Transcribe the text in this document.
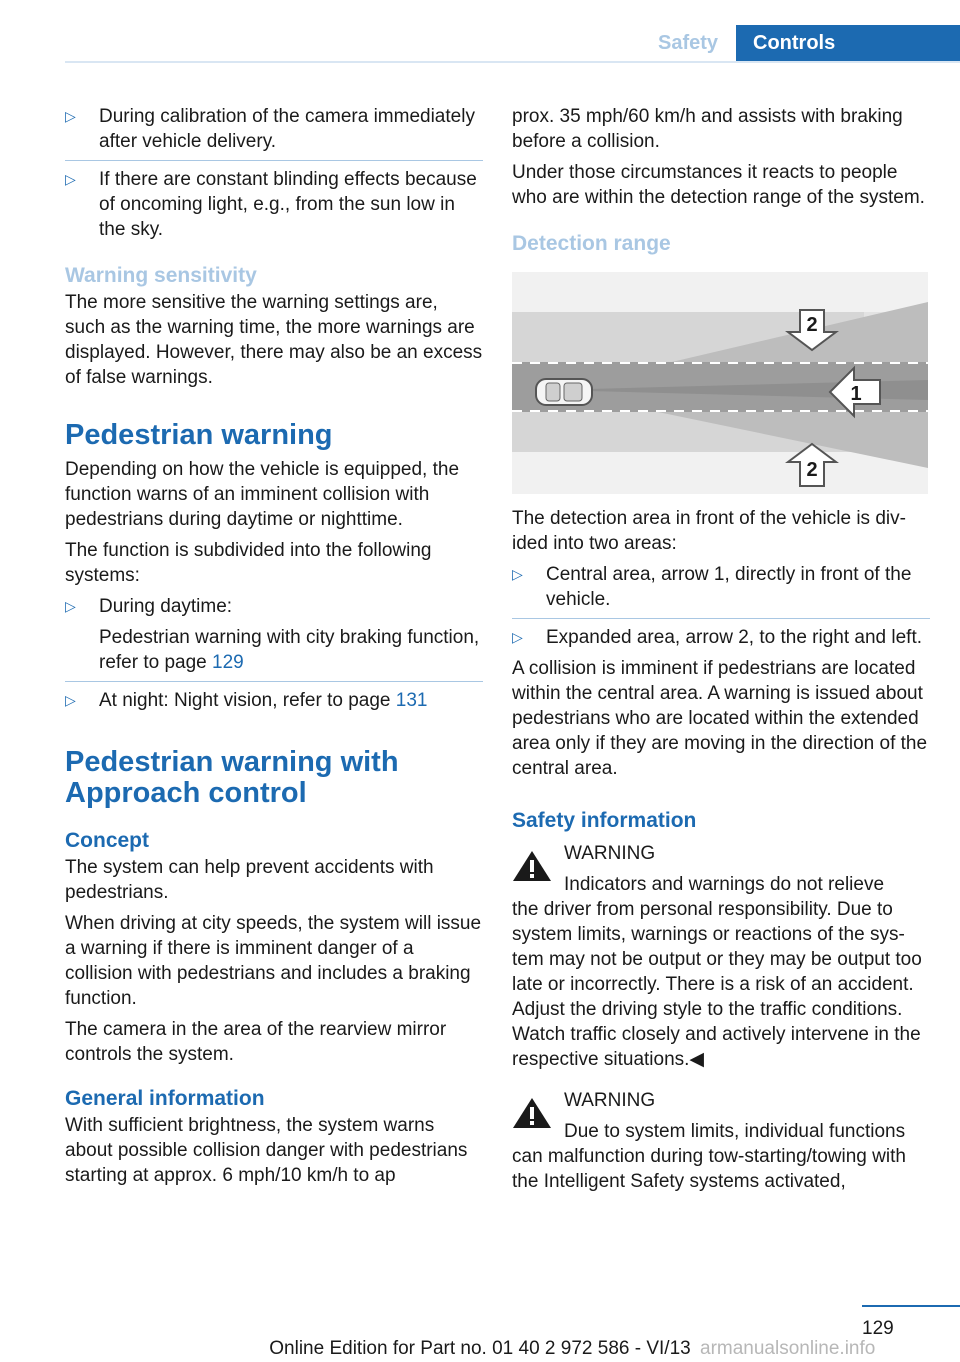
Safety	Controls
▷ During calibration of the camera immediately after vehicle delivery.
▷ If there are constant blinding effects because of oncoming light, e.g., from the sun low in the sky.
Warning sensitivity

The more sensitive the warning settings are, such as the warning time, the more warnings are displayed. However, there may also be an excess of false warnings.

Pedestrian warning

Depending on how the vehicle is equipped, the function warns of an imminent collision with pedestrians during daytime or nighttime.

The function is subdivided into the following systems:

▷ During daytime:
Pedestrian warning with city braking function, refer to page 129
▷ At night: Night vision, refer to page 131
Pedestrian warning with Approach control
Concept

The system can help prevent accidents with pedestrians.

When driving at city speeds, the system will issue a warning if there is imminent danger of a collision with pedestrians and includes a braking function.

The camera in the area of the rearview mirror controls the system.

General information

With sufficient brightness, the system warns about possible collision danger with pedestrians starting at approx. 6 mph/10 km/h to ap

prox. 35 mph/60 km/h and assists with braking before a collision.

Under those circumstances it reacts to people who are within the detection range of the system.

Detection range
1
2
2

The detection area in front of the vehicle is divided into two areas:

▷ Central area, arrow 1, directly in front of the vehicle.
▷ Expanded area, arrow 2, to the right and left.

A collision is imminent if pedestrians are located within the central area. A warning is issued about pedestrians who are located within the extended area only if they are moving in the direction of the central area.

Safety information
WARNING
Indicators and warnings do not relieve

the driver from personal responsibility. Due to system limits, warnings or reactions of the system may not be output or they may be output too late or incorrectly. There is a risk of an accident. Adjust the driving style to the traffic conditions. Watch traffic closely and actively intervene in the respective situations.◀

WARNING
Due to system limits, individual functions

can malfunction during tow-starting/towing with the Intelligent Safety systems activated,

129
Online Edition for Part no. 01 40 2 972 586 - VI/13 armanualsonline.info
